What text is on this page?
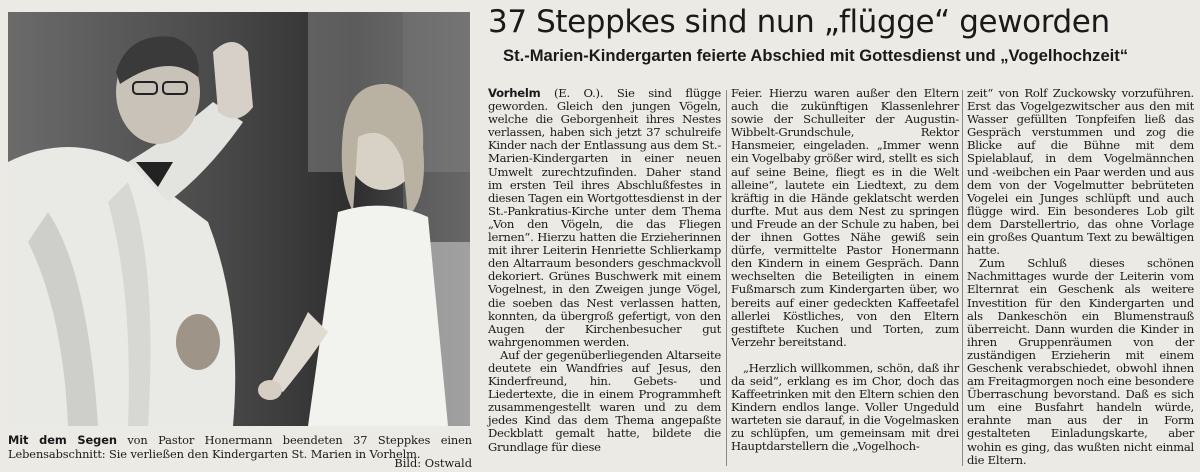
Mit dem Segen von Pastor Honermann beendeten 37 Steppkes einen Lebensabschnitt: Sie verließen den Kindergarten St. Marien in Vorhelm.
Bild: Ostwald
37 Steppkes sind nun „flügge“ geworden
St.-Marien-Kindergarten feierte Abschied mit Gottesdienst und „Vogelhochzeit“

Vorhelm (E. O.). Sie sind flügge geworden. Gleich den jungen Vögeln, welche die Geborgenheit ihres Nestes verlassen, haben sich jetzt 37 schulreife Kinder nach der Entlassung aus dem St.-Marien-Kindergarten in einer neuen Umwelt zurechtzufinden. Daher stand im ersten Teil ihres Abschlußfestes in diesen Tagen ein Wortgottesdienst in der St.-Pankratius-Kirche unter dem Thema „Von den Vögeln, die das Fliegen lernen“. Hierzu hatten die Erzieherinnen mit ihrer Leiterin Henriette Schlierkamp den Altarraum besonders geschmackvoll dekoriert. Grünes Buschwerk mit einem Vogelnest, in den Zweigen junge Vögel, die soeben das Nest verlassen hatten, konnten, da übergroß gefertigt, von den Augen der Kirchenbesucher gut wahrgenommen werden.

Auf der gegenüberliegenden Altarseite deutete ein Wandfries auf Jesus, den Kinderfreund, hin. Gebets- und Liedertexte, die in einem Programmheft zusammengestellt waren und zu dem jedes Kind das dem Thema angepaßte Deckblatt gemalt hatte, bildete die Grundlage für diese

Feier. Hierzu waren außer den Eltern auch die zukünftigen Klassenlehrer sowie der Schulleiter der Augustin-Wibbelt-Grundschule, Rektor Hansmeier, eingeladen. „Immer wenn ein Vogelbaby größer wird, stellt es sich auf seine Beine, fliegt es in die Welt alleine“, lautete ein Liedtext, zu dem kräftig in die Hände geklatscht werden durfte. Mut aus dem Nest zu springen und Freude an der Schule zu haben, bei der ihnen Gottes Nähe gewiß sein dürfe, vermittelte Pastor Honermann den Kindern in einem Gespräch. Dann wechselten die Beteiligten in einem Fußmarsch zum Kindergarten über, wo bereits auf einer gedeckten Kaffeetafel allerlei Köstliches, von den Eltern gestiftete Kuchen und Torten, zum Verzehr bereitstand.

„Herzlich willkommen, schön, daß ihr da seid“, erklang es im Chor, doch das Kaffeetrinken mit den Eltern schien den Kindern endlos lange. Voller Ungeduld warteten sie darauf, in die Vogelmasken zu schlüpfen, um gemeinsam mit drei Hauptdarstellern die „Vogelhoch-

zeit“ von Rolf Zuckowsky vorzuführen. Erst das Vogelgezwitscher aus den mit Wasser gefüllten Tonpfeifen ließ das Gespräch verstummen und zog die Blicke auf die Bühne mit dem Spielablauf, in dem Vogelmännchen und -weibchen ein Paar werden und aus dem von der Vogelmutter bebrüteten Vogelei ein Junges schlüpft und auch flügge wird. Ein besonderes Lob gilt dem Darstellertrio, das ohne Vorlage ein großes Quantum Text zu bewältigen hatte.

Zum Schluß dieses schönen Nachmittages wurde der Leiterin vom Elternrat ein Geschenk als weitere Investition für den Kindergarten und als Dankeschön ein Blumenstrauß überreicht. Dann wurden die Kinder in ihren Gruppenräumen von der zuständigen Erzieherin mit einem Geschenk verabschiedet, obwohl ihnen am Freitagmorgen noch eine besondere Überraschung bevorstand. Daß es sich um eine Busfahrt handeln würde, erahnte man aus der in Form gestalteten Einladungskarte, aber wohin es ging, das wußten nicht einmal die Eltern.
